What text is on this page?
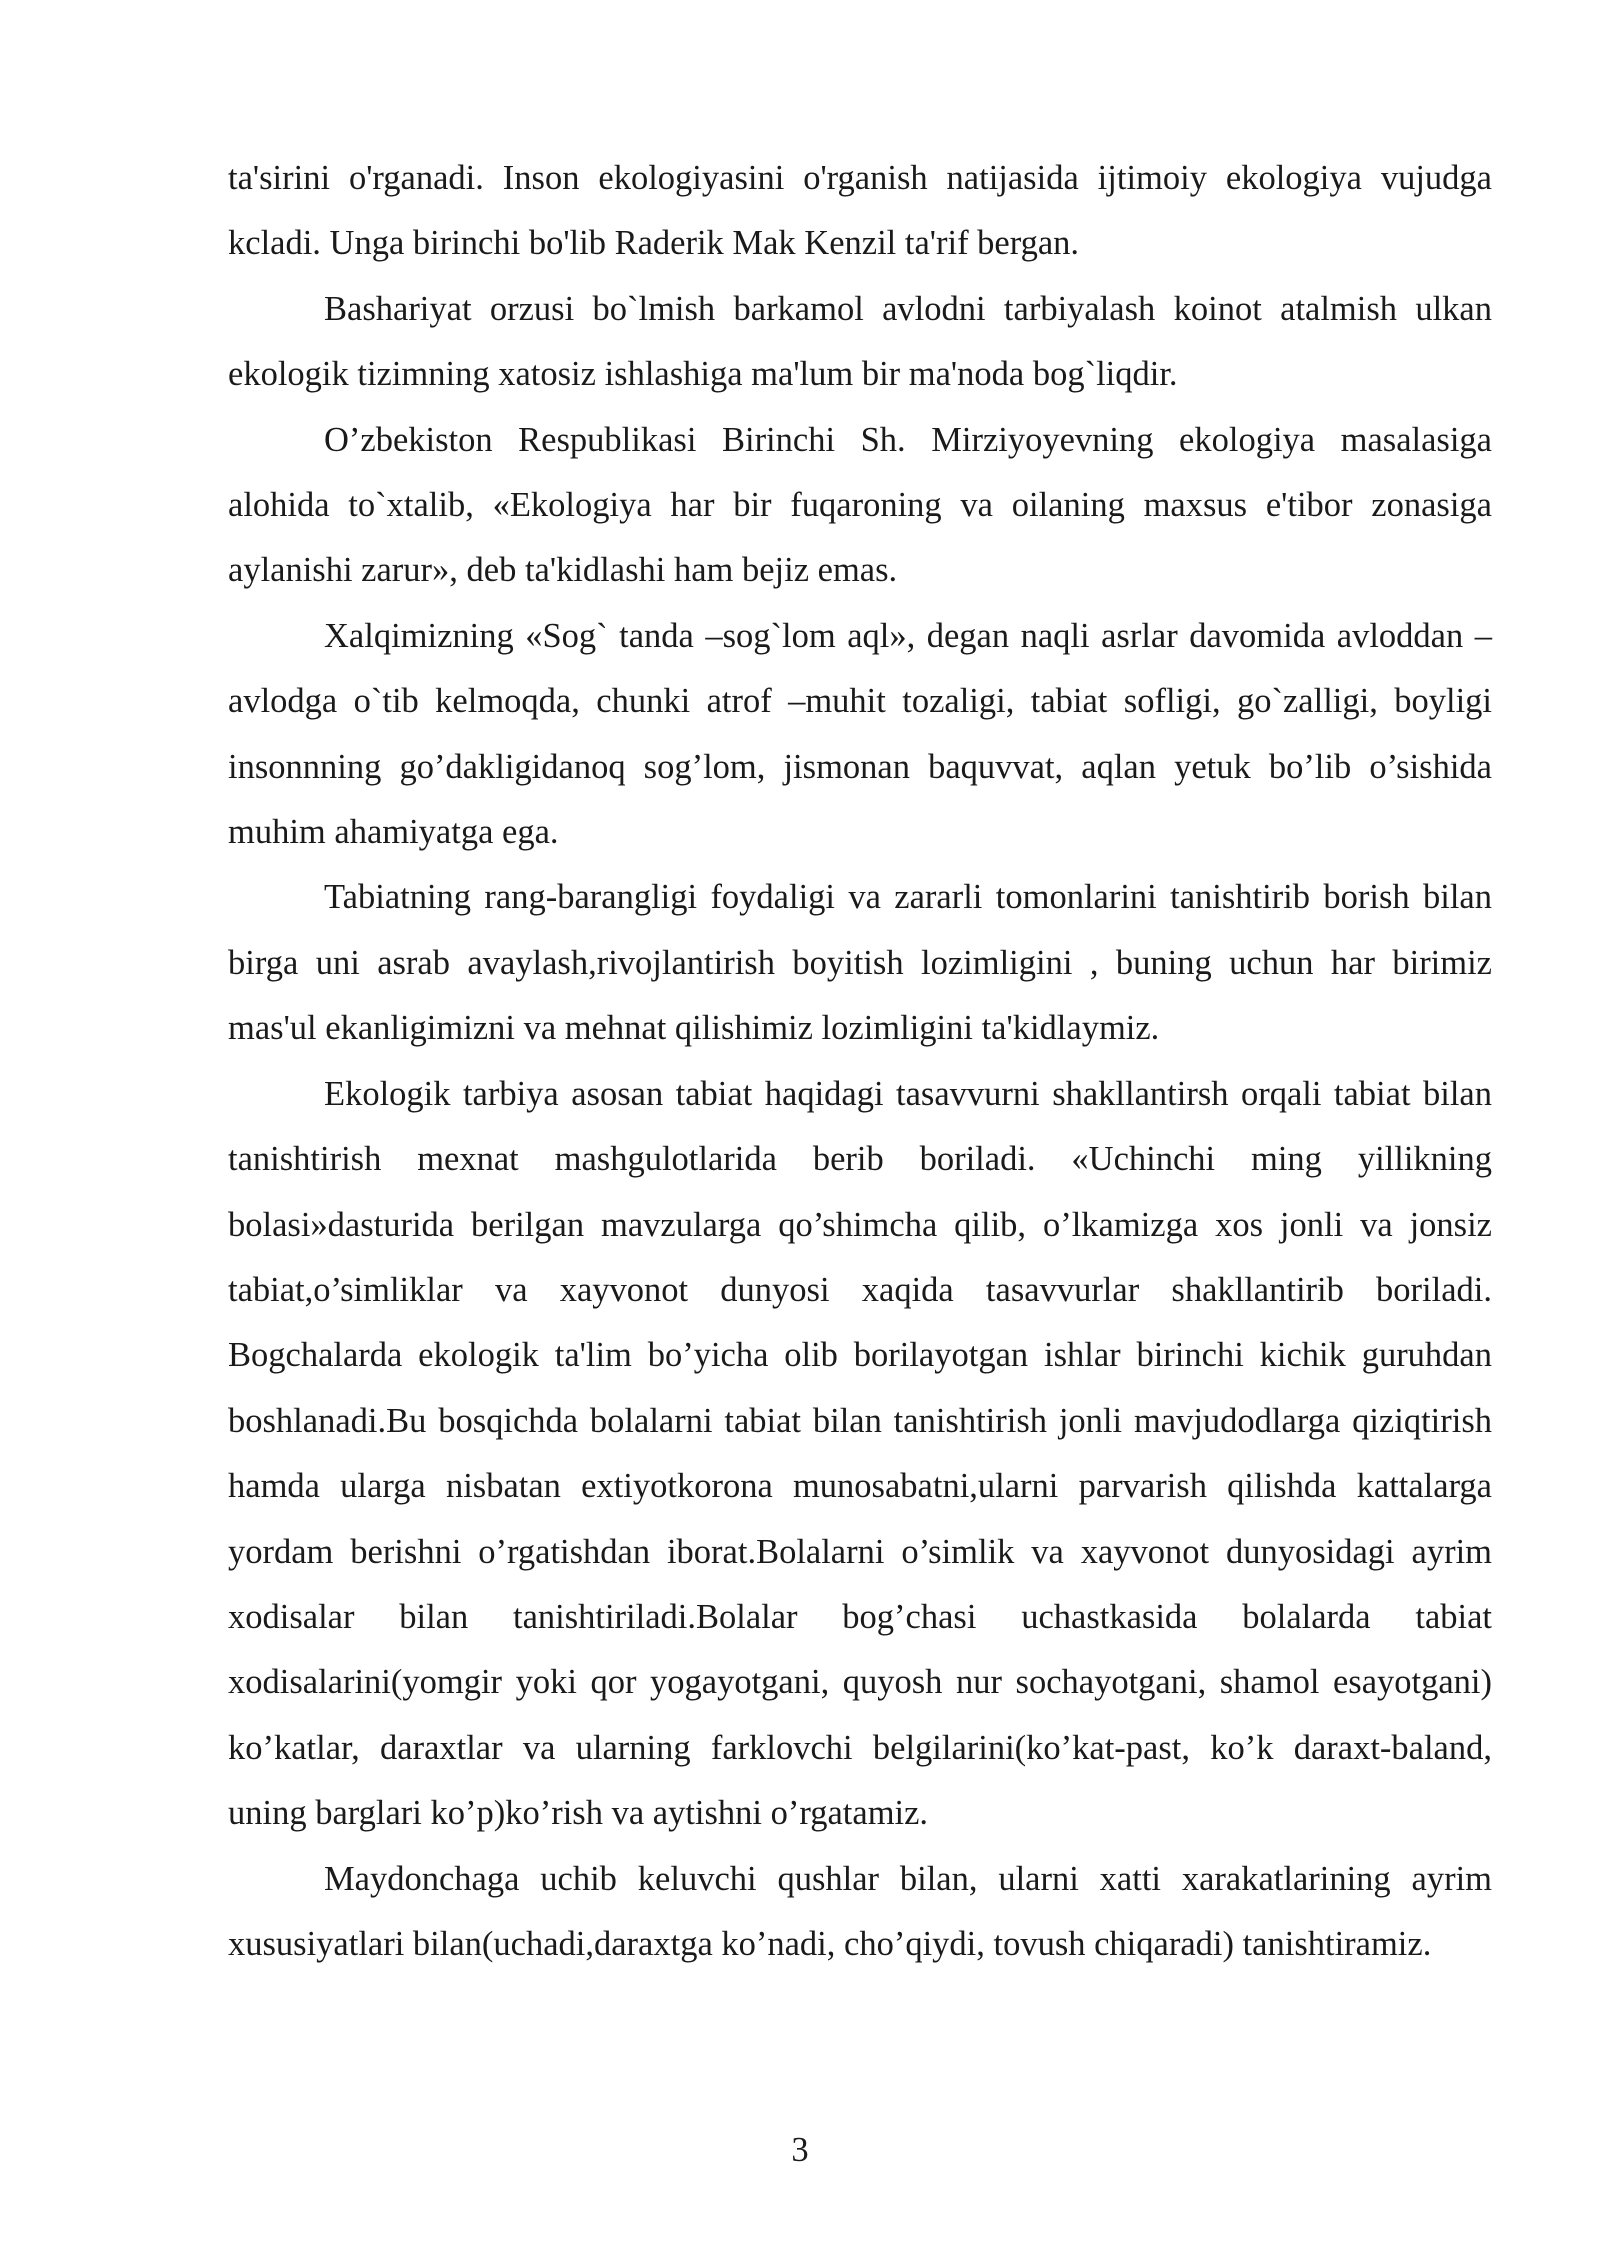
ta'sirini o'rganadi. Inson ekologiyasini o'rganish natijasida ijtimoiy ekologiya vujudga kcladi. Unga birinchi bo'lib Raderik Mak Kenzil ta'rif bergan.

Bashariyat orzusi bo`lmish barkamol avlodni tarbiyalash koinot atalmish ulkan ekologik tizimning xatosiz ishlashiga ma'lum bir ma'noda bog`liqdir.

O’zbekiston Respublikasi Birinchi Sh. Mirziyoyevning ekologiya masalasiga alohida to`xtalib, «Ekologiya har bir fuqaroning va oilaning maxsus e'tibor zonasiga aylanishi zarur», deb ta'kidlashi ham bejiz emas.

Xalqimizning «Sog` tanda –sog`lom aql», degan naqli asrlar davomida avloddan –avlodga o`tib kelmoqda, chunki atrof –muhit tozaligi, tabiat sofligi, go`zalligi, boyligi insonnning go’dakligidanoq sog’lom, jismonan baquvvat, aqlan yetuk bo’lib o’sishida muhim ahamiyatga ega.

Tabiatning rang-barangligi foydaligi va zararli tomonlarini tanishtirib borish bilan birga uni asrab avaylash,rivojlantirish boyitish lozimligini , buning uchun har birimiz mas'ul ekanligimizni va mehnat qilishimiz lozimligini ta'kidlaymiz.

Ekologik tarbiya asosan tabiat haqidagi tasavvurni shakllantirsh orqali tabiat bilan tanishtirish mexnat mashgulotlarida berib boriladi. «Uchinchi ming yillikning bolasi»dasturida berilgan mavzularga qo’shimcha qilib, o’lkamizga xos jonli va jonsiz tabiat,o’simliklar va xayvonot dunyosi xaqida tasavvurlar shakllantirib boriladi. Bogchalarda ekologik ta'lim bo’yicha olib borilayotgan ishlar birinchi kichik guruhdan boshlanadi.Bu bosqichda bolalarni tabiat bilan tanishtirish jonli mavjudodlarga qiziqtirish hamda ularga nisbatan extiyotkorona munosabatni,ularni parvarish qilishda kattalarga yordam berishni o’rgatishdan iborat.Bolalarni o’simlik va xayvonot dunyosidagi ayrim xodisalar bilan tanishtiriladi.Bolalar bog’chasi uchastkasida bolalarda tabiat xodisalarini(yomgir yoki qor yogayotgani, quyosh nur sochayotgani, shamol esayotgani) ko’katlar, daraxtlar va ularning farklovchi belgilarini(ko’kat-past, ko’k daraxt-baland, uning barglari ko’p)ko’rish va aytishni o’rgatamiz.

Maydonchaga uchib keluvchi qushlar bilan, ularni xatti xarakatlarining ayrim xususiyatlari bilan(uchadi,daraxtga ko’nadi, cho’qiydi, tovush chiqaradi) tanishtiramiz.

3
